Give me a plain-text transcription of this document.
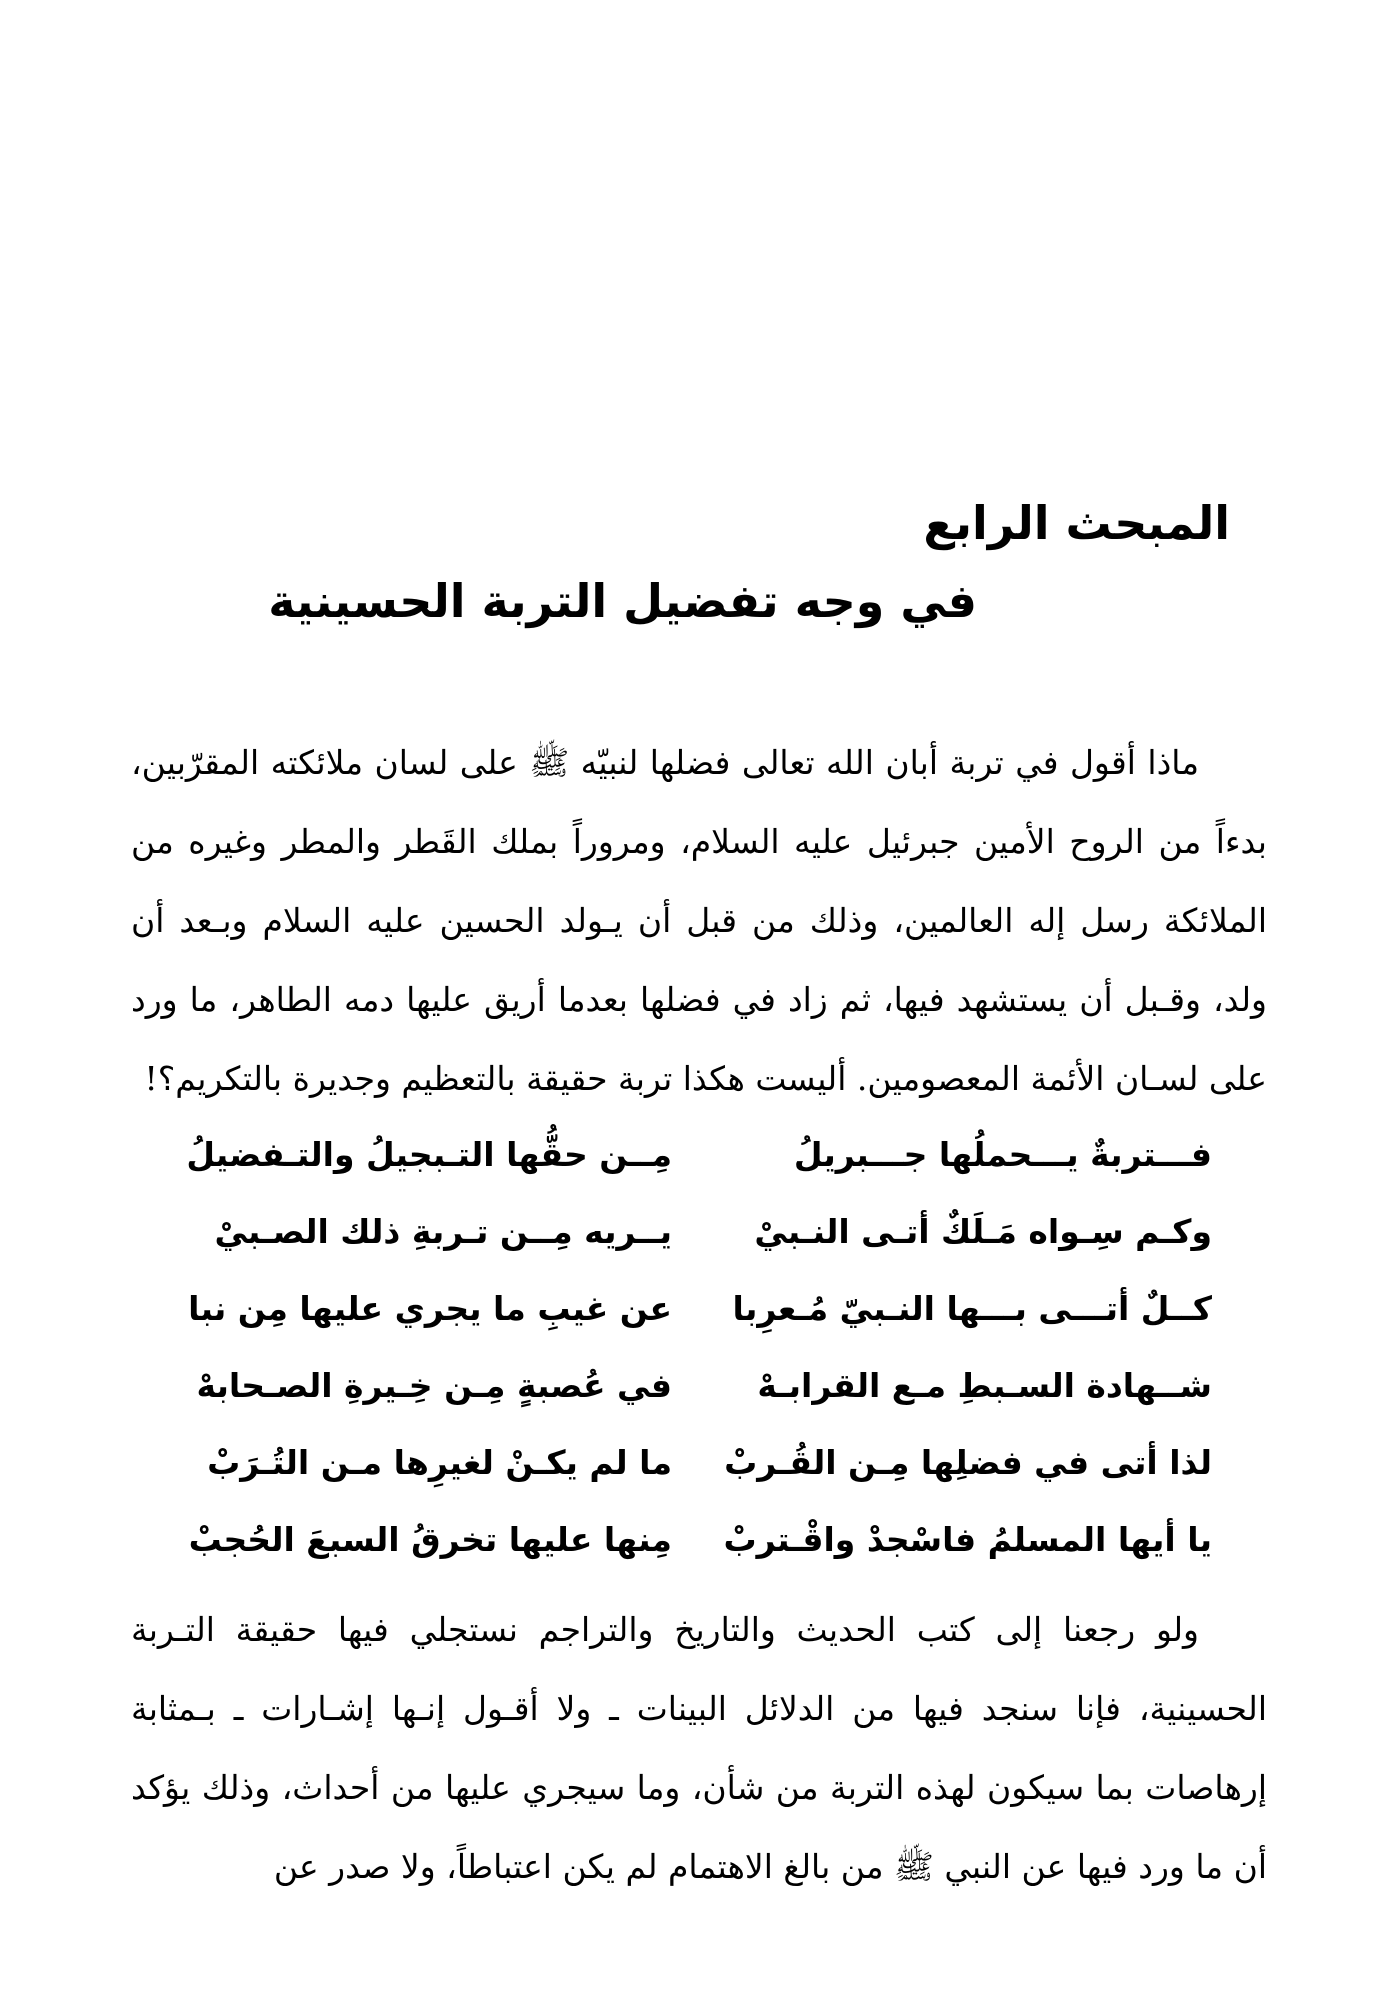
المبحث الرابع
في وجه تفضيل التربة الحسينية

ماذا أقول في تربة أبان الله تعالى فضلها لنبيّه ﷺ على لسان ملائكته المقرّبين، بدءاً من الروح الأمين جبرئيل عليه السلام، ومروراً بملك القَطر والمطر وغيره من الملائكة رسل إله العالمين، وذلك من قبل أن يـولد الحسين عليه السلام وبـعد أن ولد، وقـبل أن يستشهد فيها، ثم زاد في فضلها بعدما أريق عليها دمه الطاهر، ما ورد على لسـان الأئمة المعصومين. أليست هكذا تربة حقيقة بالتعظيم وجديرة بالتكريم؟!

فـــتربةٌ يـــحملُها جـــبريلُ
مِــن حقُّها التـبجيلُ والتـفضيلُ
وكـم سِـواه مَـلَكٌ أتـى النـبيْ
يــريه مِــن تـربةِ ذلك الصـبيْ
كــلٌ أتـــى بـــها النـبيّ مُـعرِبا
عن غيبِ ما يجري عليها مِن نبا
شــهادة السـبطِ مـع القرابـهْ
في عُصبةٍ مِـن خِـيرةِ الصـحابهْ
لذا أتى في فضلِها مِـن القُـربْ
ما لم يكـنْ لغيرِها مـن التُـرَبْ
يا أيها المسلمُ فاسْجدْ واقْـتربْ
مِنها عليها تخرقُ السبعَ الحُجبْ

ولو رجعنا إلى كتب الحديث والتاريخ والتراجم نستجلي فيها حقيقة التـربة الحسينية، فإنا سنجد فيها من الدلائل البينات ـ ولا أقـول إنـها إشـارات ـ بـمثابة إرهاصات بما سيكون لهذه التربة من شأن، وما سيجري عليها من أحداث، وذلك يؤكد أن ما ورد فيها عن النبي ﷺ من بالغ الاهتمام لم يكن اعتباطاً، ولا صدر عن
